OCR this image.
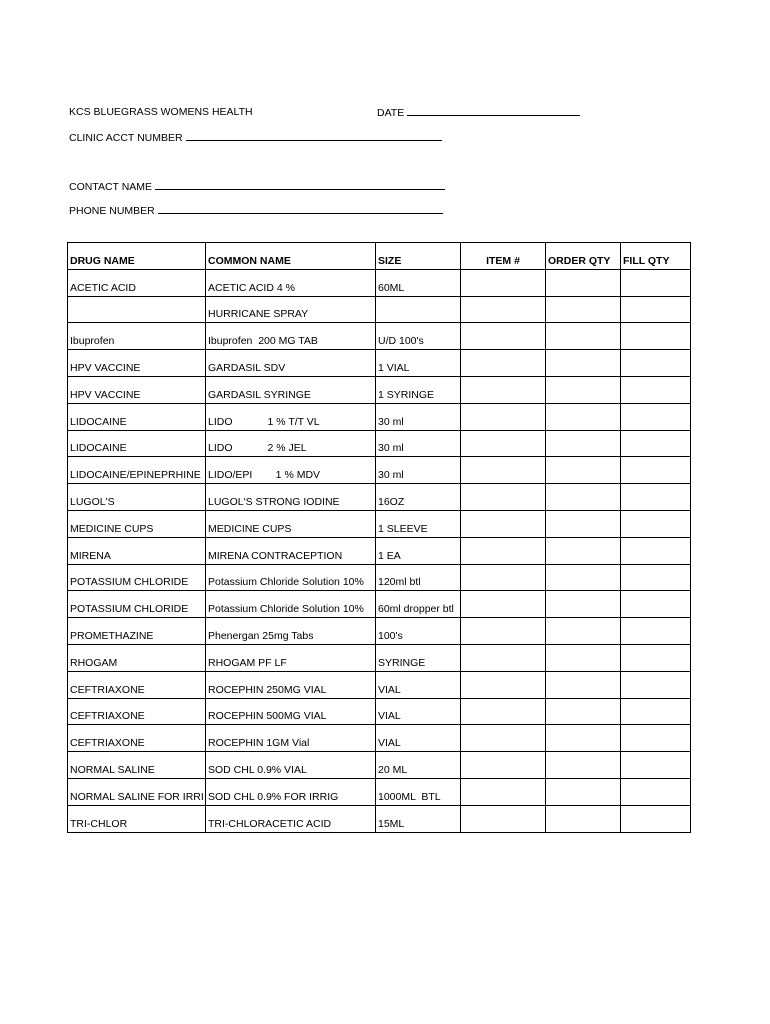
KCS BLUEGRASS WOMENS HEALTH	DATE
CLINIC ACCT NUMBER
CONTACT NAME
PHONE NUMBER
DRUG NAME	COMMON NAME	SIZE	ITEM #	ORDER QTY	FILL QTY
ACETIC ACID	ACETIC ACID 4 %	60ML			
	HURRICANE SPRAY				
Ibuprofen	Ibuprofen  200 MG TAB	U/D 100's			
HPV VACCINE	GARDASIL SDV	1 VIAL			
HPV VACCINE	GARDASIL SYRINGE	1 SYRINGE			
LIDOCAINE	LIDO            1 % T/T VL	30 ml			
LIDOCAINE	LIDO            2 % JEL	30 ml			
LIDOCAINE/EPINEPRHINE	LIDO/EPI        1 % MDV	30 ml			
LUGOL'S	LUGOL'S STRONG IODINE	16OZ			
MEDICINE CUPS	MEDICINE CUPS	1 SLEEVE			
MIRENA	MIRENA CONTRACEPTION	1 EA			
POTASSIUM CHLORIDE	Potassium Chloride Solution 10%	120ml btl			
POTASSIUM CHLORIDE	Potassium Chloride Solution 10%	60ml dropper btl			
PROMETHAZINE	Phenergan 25mg Tabs	100's			
RHOGAM	RHOGAM PF LF	SYRINGE			
CEFTRIAXONE	ROCEPHIN 250MG VIAL	VIAL			
CEFTRIAXONE	ROCEPHIN 500MG VIAL	VIAL			
CEFTRIAXONE	ROCEPHIN 1GM Vial	VIAL			
NORMAL SALINE	SOD CHL 0.9% VIAL	20 ML			
NORMAL SALINE FOR IRRI	SOD CHL 0.9% FOR IRRIG	1000ML  BTL			
TRI-CHLOR	TRI-CHLORACETIC ACID	15ML			
